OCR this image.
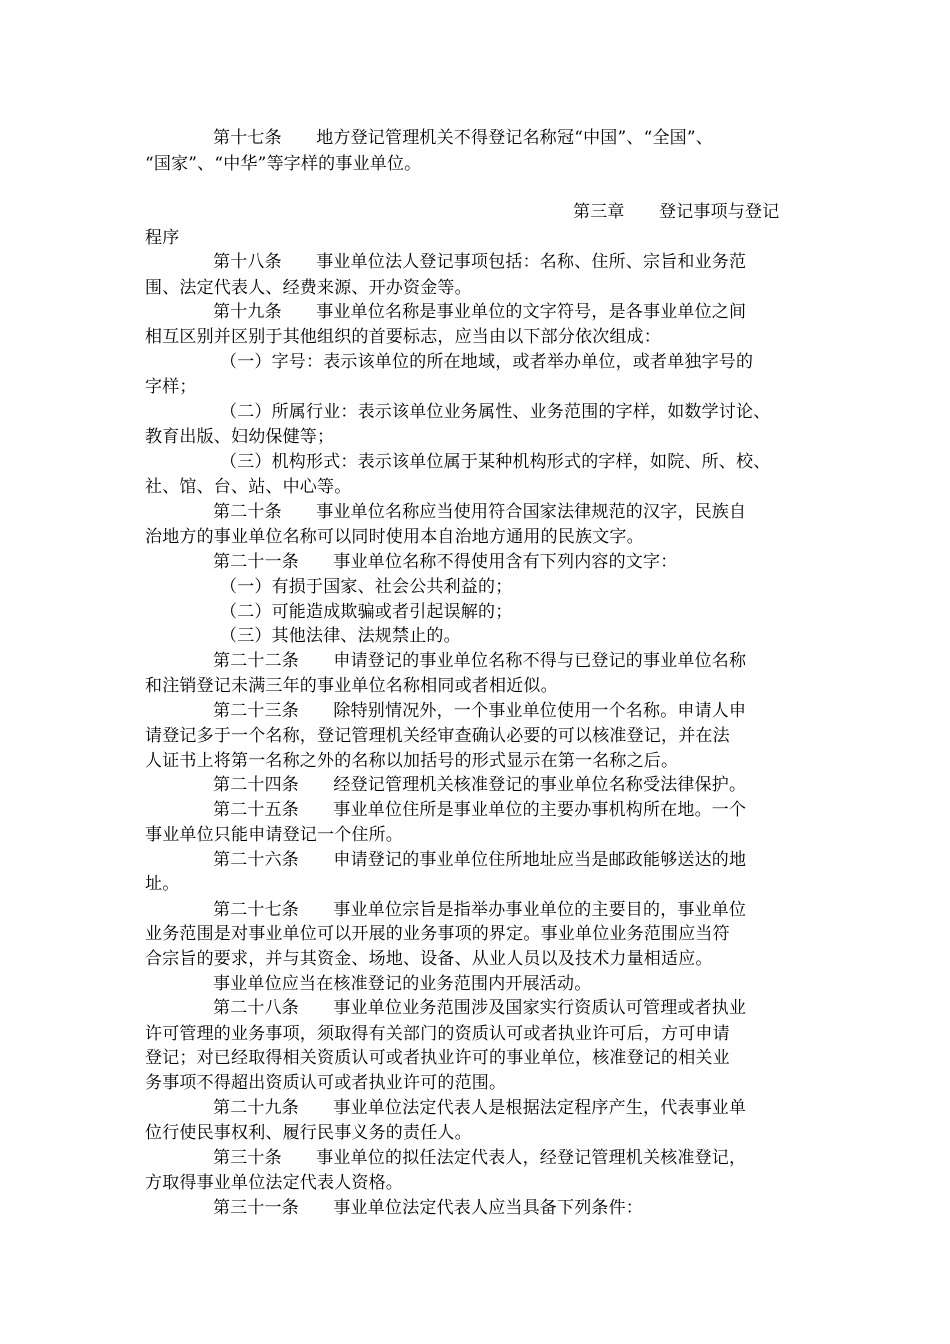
第十七条　　地方登记管理机关不得登记名称冠“中国”、“全国”、
“国家”、“中华”等字样的事业单位。
第三章　　登记事项与登记
程序
第十八条　　事业单位法人登记事项包括：名称、住所、宗旨和业务范
围、法定代表人、经费来源、开办资金等。
第十九条　　事业单位名称是事业单位的文字符号，是各事业单位之间
相互区别并区别于其他组织的首要标志，应当由以下部分依次组成：
（一）字号：表示该单位的所在地域，或者举办单位，或者单独字号的
字样；
（二）所属行业：表示该单位业务属性、业务范围的字样，如数学讨论、
教育出版、妇幼保健等；
（三）机构形式：表示该单位属于某种机构形式的字样，如院、所、校、
社、馆、台、站、中心等。
第二十条　　事业单位名称应当使用符合国家法律规范的汉字，民族自
治地方的事业单位名称可以同时使用本自治地方通用的民族文字。
第二十一条　　事业单位名称不得使用含有下列内容的文字：
（一）有损于国家、社会公共利益的；
（二）可能造成欺骗或者引起误解的；
（三）其他法律、法规禁止的。
第二十二条　　申请登记的事业单位名称不得与已登记的事业单位名称
和注销登记未满三年的事业单位名称相同或者相近似。
第二十三条　　除特别情况外，一个事业单位使用一个名称。申请人申
请登记多于一个名称，登记管理机关经审查确认必要的可以核准登记，并在法
人证书上将第一名称之外的名称以加括号的形式显示在第一名称之后。
第二十四条　　经登记管理机关核准登记的事业单位名称受法律保护。
第二十五条　　事业单位住所是事业单位的主要办事机构所在地。一个
事业单位只能申请登记一个住所。
第二十六条　　申请登记的事业单位住所地址应当是邮政能够送达的地
址。
第二十七条　　事业单位宗旨是指举办事业单位的主要目的，事业单位
业务范围是对事业单位可以开展的业务事项的界定。事业单位业务范围应当符
合宗旨的要求，并与其资金、场地、设备、从业人员以及技术力量相适应。
事业单位应当在核准登记的业务范围内开展活动。
第二十八条　　事业单位业务范围涉及国家实行资质认可管理或者执业
许可管理的业务事项，须取得有关部门的资质认可或者执业许可后，方可申请
登记；对已经取得相关资质认可或者执业许可的事业单位，核准登记的相关业
务事项不得超出资质认可或者执业许可的范围。
第二十九条　　事业单位法定代表人是根据法定程序产生，代表事业单
位行使民事权利、履行民事义务的责任人。
第三十条　　事业单位的拟任法定代表人，经登记管理机关核准登记，
方取得事业单位法定代表人资格。
第三十一条　　事业单位法定代表人应当具备下列条件：
